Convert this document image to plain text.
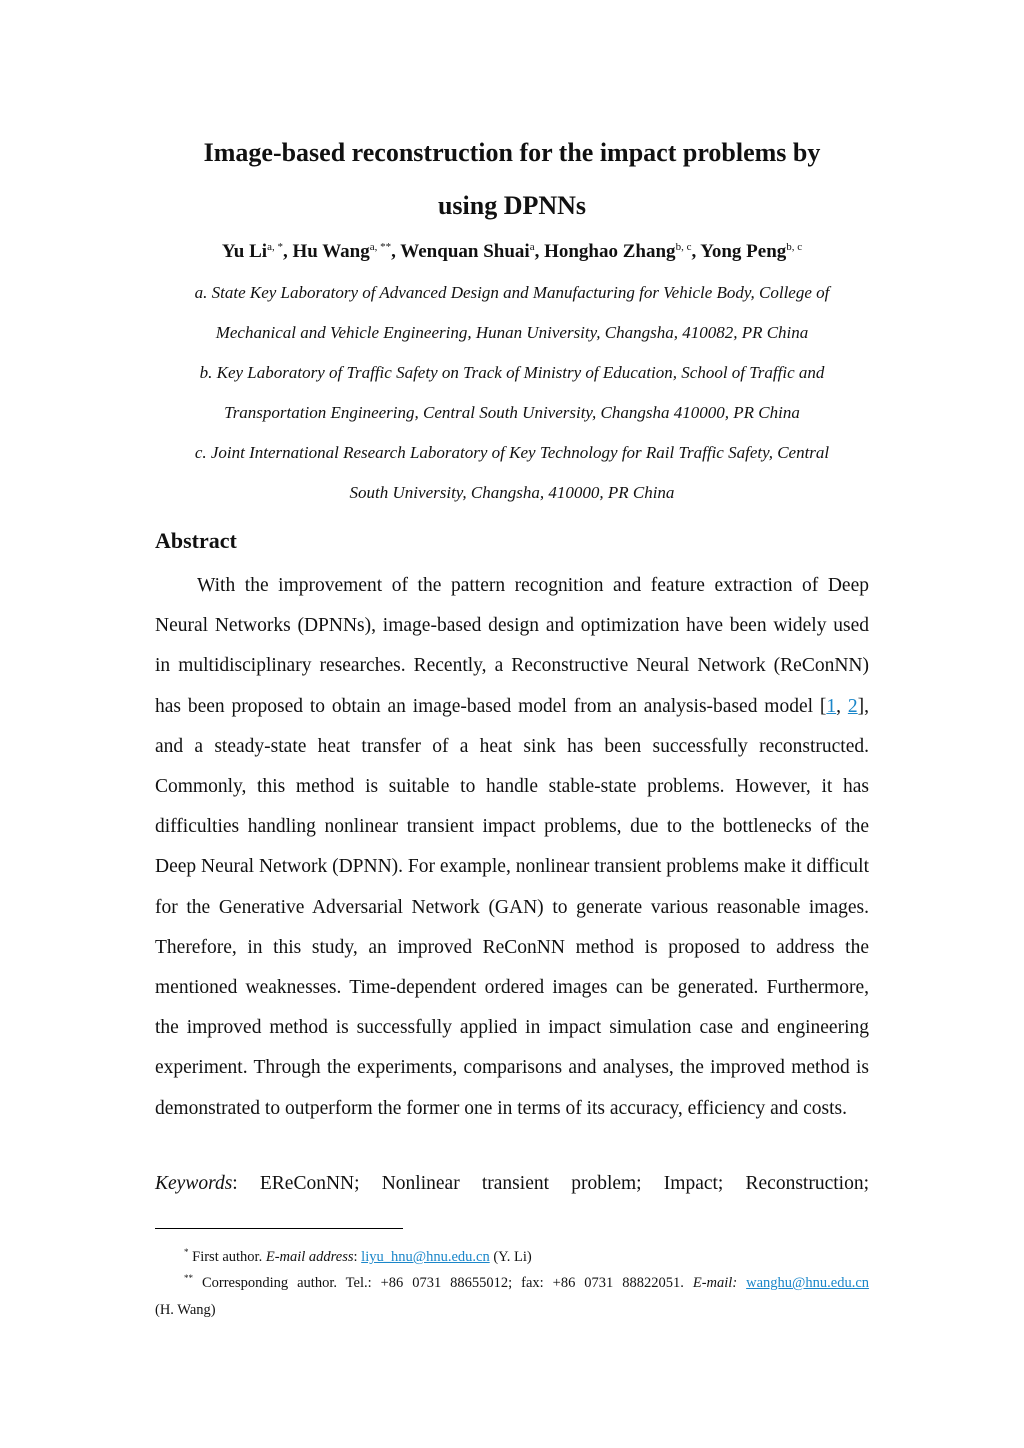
Image-based reconstruction for the impact problems by
using DPNNs
Yu $Li^{a, *}$, Hu Wang$^{a, **}$, Wenquan Shuai$^a$, Honghao Zhang$^{b, c}$, Yong Peng$^{b, c}$
a. State Key Laboratory of Advanced Design and Manufacturing for Vehicle Body, College of
Mechanical and Vehicle Engineering, Hunan University, Changsha, 410082, PR China
b. Key Laboratory of Traffic Safety on Track of Ministry of Education, School of Traffic and
Transportation Engineering, Central South University, Changsha 410000, PR China
c. Joint International Research Laboratory of Key Technology for Rail Traffic Safety, Central
South University, Changsha, 410000, PR China
Abstract
With the improvement of the pattern recognition and feature extraction of Deep Neural Networks (DPNNs), image-based design and optimization have been widely used in multidisciplinary researches. Recently, a Reconstructive Neural Network (ReConNN) has been proposed to obtain an image-based model from an analysis-based model [1, 2], and a steady-state heat transfer of a heat sink has been successfully reconstructed. Commonly, this method is suitable to handle stable-state problems. However, it has difficulties handling nonlinear transient impact problems, due to the bottlenecks of the Deep Neural Network (DPNN). For example, nonlinear transient problems make it difficult for the Generative Adversarial Network (GAN) to generate various reasonable images. Therefore, in this study, an improved ReConNN method is proposed to address the mentioned weaknesses. Time-dependent ordered images can be generated. Furthermore, the improved method is successfully applied in impact simulation case and engineering experiment. Through the experiments, comparisons and analyses, the improved method is demonstrated to outperform the former one in terms of its accuracy, efficiency and costs.
Keywords: EReConNN; Nonlinear transient problem; Impact; Reconstruction;
* First author. E-mail address: liyu_hnu@hnu.edu.cn (Y. Li)
** Corresponding author. Tel.: +86 0731 88655012; fax: +86 0731 88822051. E-mail: wanghu@hnu.edu.cn
(H. Wang)
